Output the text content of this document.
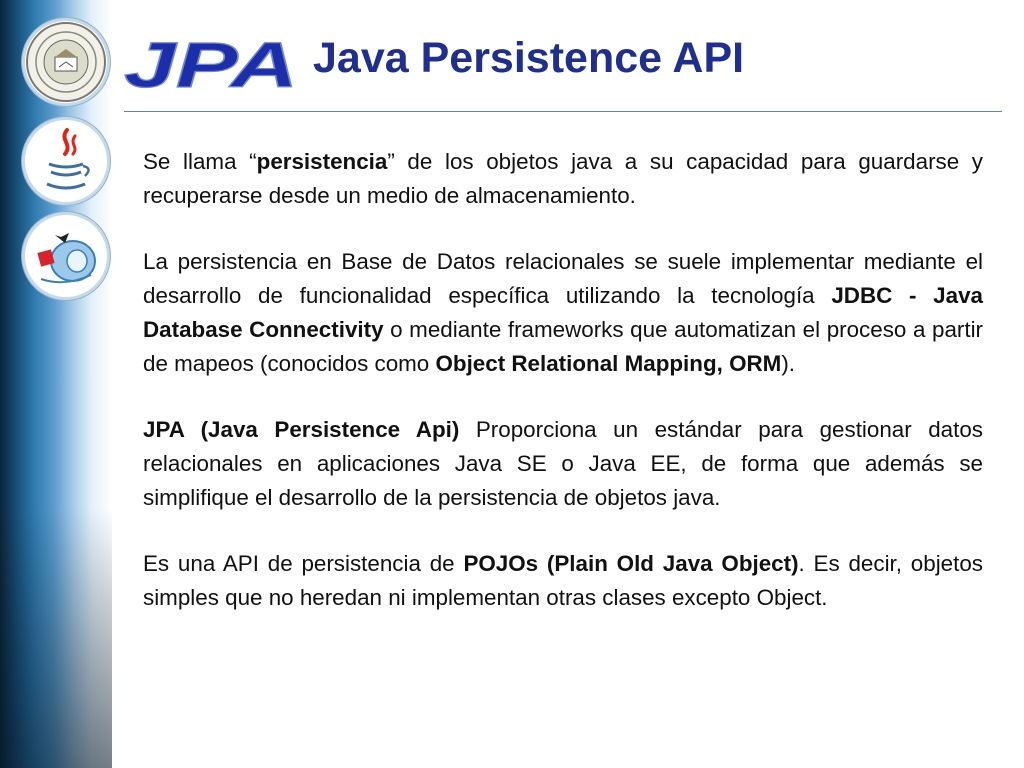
JPA Java Persistence API

Se llama “persistencia” de los objetos java a su capacidad para guardarse y recuperarse desde un medio de almacenamiento.

La persistencia en Base de Datos relacionales se suele implementar mediante el desarrollo de funcionalidad específica utilizando la tecnología JDBC - Java Database Connectivity o mediante frameworks que automatizan el proceso a partir de mapeos (conocidos como Object Relational Mapping, ORM).

JPA (Java Persistence Api) Proporciona un estándar para gestionar datos relacionales en aplicaciones Java SE o Java EE, de forma que además se simplifique el desarrollo de la persistencia de objetos java.

Es una API de persistencia de POJOs (Plain Old Java Object). Es decir, objetos simples que no heredan ni implementan otras clases excepto Object.
